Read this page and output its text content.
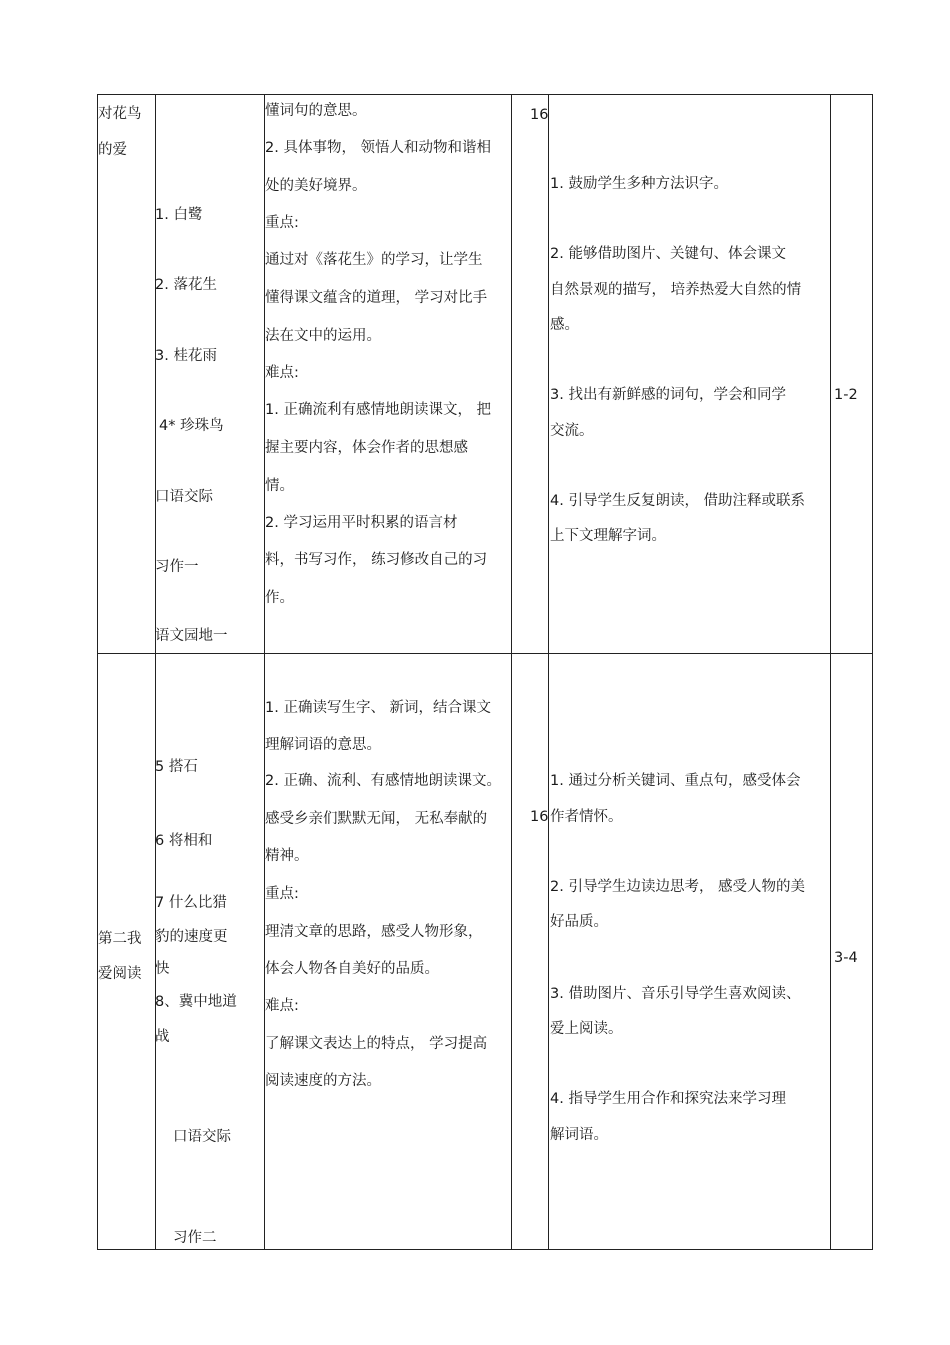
对花鸟
的爱
1. 白鹭
2. 落花生
3. 桂花雨
4* 珍珠鸟
口语交际
习作一
语文园地一
懂词句的意思。
2. 具体事物， 领悟人和动物和谐相
处的美好境界。
重点:
通过对《落花生》的学习，让学生
懂得课文蕴含的道理， 学习对比手
法在文中的运用。
难点:
1. 正确流利有感情地朗读课文， 把
握主要内容，体会作者的思想感
情。
2. 学习运用平时积累的语言材
料，书写习作， 练习修改自己的习
作。
16
1. 鼓励学生多种方法识字。
2. 能够借助图片、关键句、体会课文
自然景观的描写， 培养热爱大自然的情
感。
3. 找出有新鲜感的词句，学会和同学
交流。
4. 引导学生反复朗读， 借助注释或联系
上下文理解字词。
1-2
第二我
爱阅读
5 搭石
6 将相和
7 什么比猎
豹的速度更
快
8、冀中地道
战
口语交际
习作二
1. 正确读写生字、 新词，结合课文
理解词语的意思。
2. 正确、流利、有感情地朗读课文。
感受乡亲们默默无闻， 无私奉献的
精神。
重点:
理清文章的思路，感受人物形象，
体会人物各自美好的品质。
难点:
了解课文表达上的特点， 学习提高
阅读速度的方法。
16
1. 通过分析关键词、重点句，感受体会
作者情怀。
2. 引导学生边读边思考， 感受人物的美
好品质。
3. 借助图片、音乐引导学生喜欢阅读、
爱上阅读。
4. 指导学生用合作和探究法来学习理
解词语。
3-4
